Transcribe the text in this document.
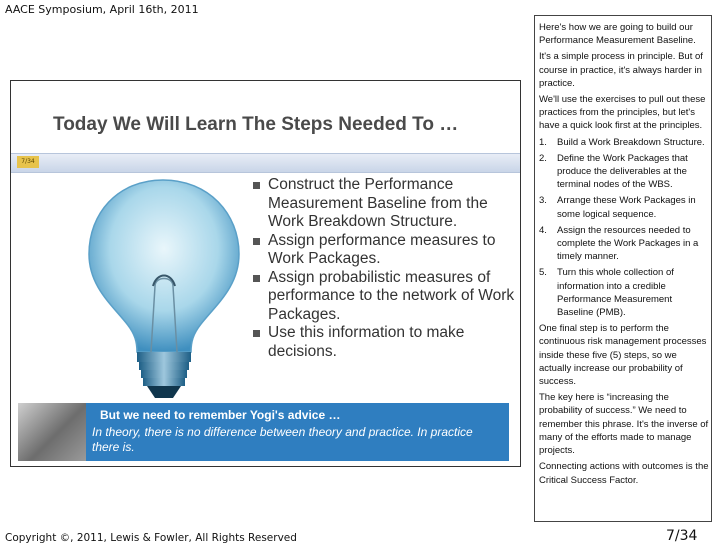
AACE Symposium, April 16th, 2011
Today We Will Learn The Steps Needed To …
7/34
Construct the Performance Measurement Baseline from the Work Breakdown Structure.
Assign performance measures to Work Packages.
Assign probabilistic measures of performance to the network of Work Packages.
Use this information to make decisions.
But we need to remember Yogi's advice …
In theory, there is no difference between theory and practice. In practice there is.

Here's how we are going to build our Performance Measurement Baseline.

It's a simple process in principle. But of course in practice, it's always harder in practice.

We'll use the exercises to pull out these practices from the principles, but let's have a quick look first at the principles.

1. Build a Work Breakdown Structure.
2. Define the Work Packages that produce the deliverables at the terminal nodes of the WBS.
3. Arrange these Work Packages in some logical sequence.
4. Assign the resources needed to complete the Work Packages in a timely manner.
5. Turn this whole collection of information into a credible Performance Measurement Baseline (PMB).

One final step is to perform the continuous risk management processes inside these five (5) steps, so we actually increase our probability of success.

The key here is “increasing the probability of success.” We need to remember this phrase. It's the inverse of many of the efforts made to manage projects.

Connecting actions with outcomes is the Critical Success Factor.

Copyright ©, 2011, Lewis & Fowler, All Rights Reserved	7/34
